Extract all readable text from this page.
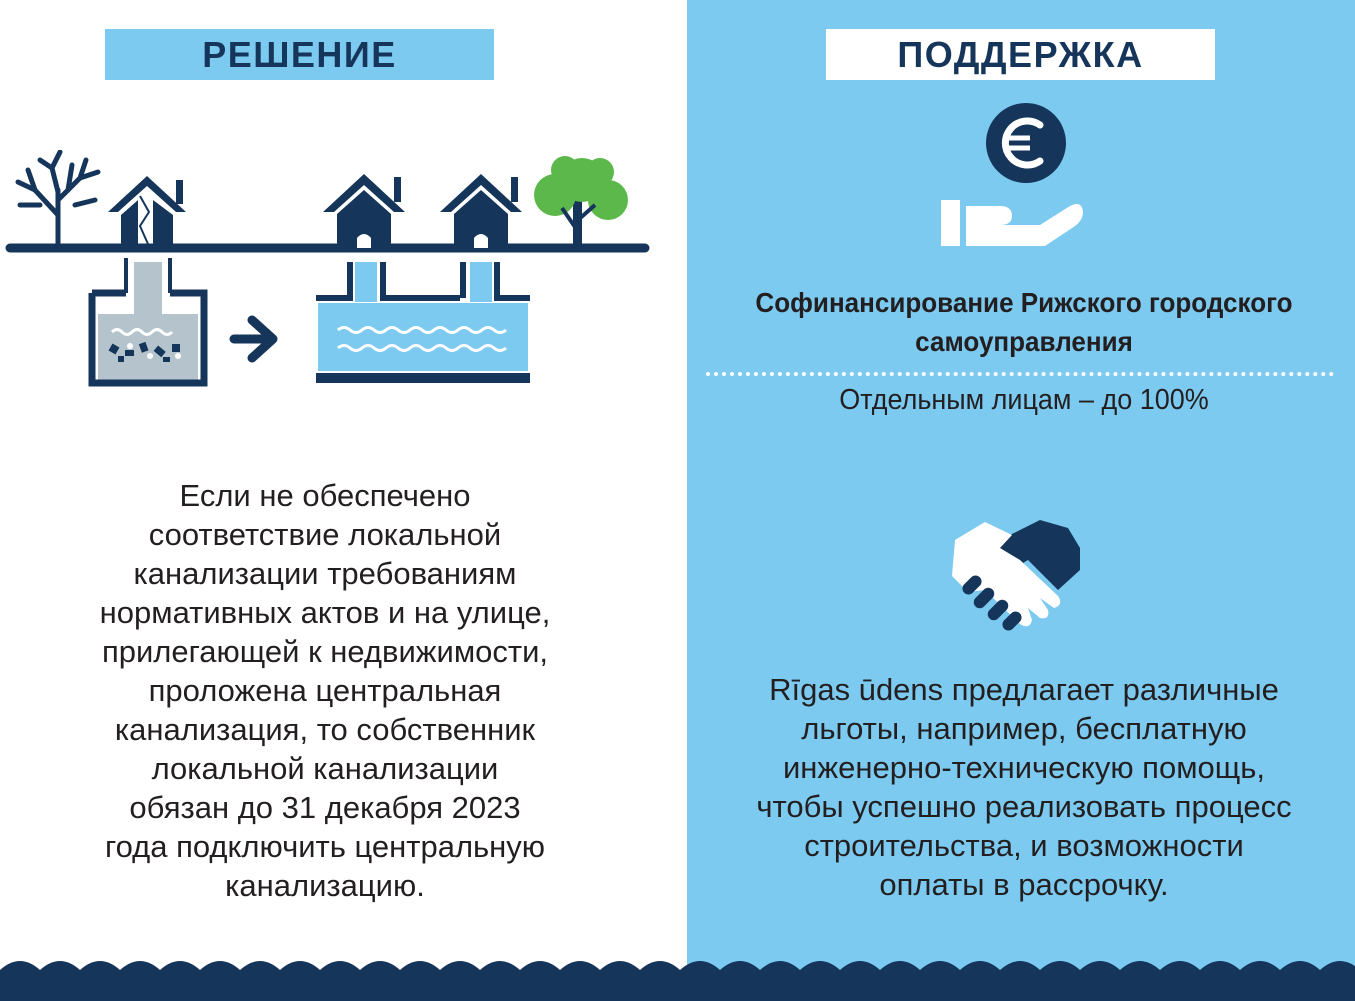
РЕШЕНИЕ	ПОДДЕРЖКА
Если не обеспечено
соответствие локальной
канализации требованиям
нормативных актов и на улице,
прилегающей к недвижимости,
проложена центральная
канализация, то собственник
локальной канализации
обязан до 31 декабря 2023
года подключить центральную
канализацию.
Софинансирование Рижского городского
самоуправления
Отдельным лицам – до 100%
Rīgas ūdens предлагает различные
льготы, например, бесплатную
инженерно-техническую помощь,
чтобы успешно реализовать процесс
строительства, и возможности
оплаты в рассрочку.
